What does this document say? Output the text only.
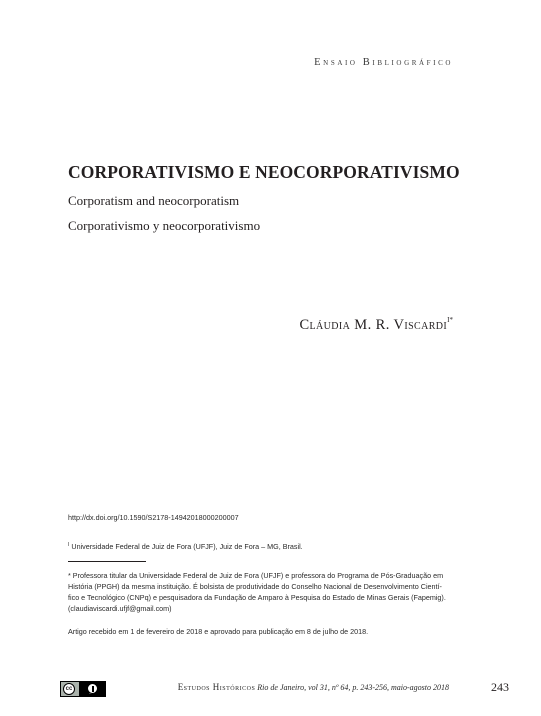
Ensaio Bibliográfico
CORPORATIVISMO E NEOCORPORATIVISMO
Corporatism and neocorporatism
Corporativismo y neocorporativismo
Cláudia M. R. Viscardi$^{I*}$
http://dx.doi.org/10.1590/S2178-14942018000200007
$^I$ Universidade Federal de Juiz de Fora (UFJF), Juiz de Fora – MG, Brasil.
* Professora titular da Universidade Federal de Juiz de Fora (UFJF) e professora do Programa de Pós-Graduação em
História (PPGH) da mesma instituição. É bolsista de produtividade do Conselho Nacional de Desenvolvimento Cientí-
fico e Tecnológico (CNPq) e pesquisadora da Fundação de Amparo à Pesquisa do Estado de Minas Gerais (Fapemig).
(claudiaviscardi.ufjf@gmail.com)
Artigo recebido em 1 de fevereiro de 2018 e aprovado para publicação em 8 de julho de 2018.
cc	Estudos Históricos Rio de Janeiro, vol 31, nº 64, p. 243-256, maio-agosto 2018	243
